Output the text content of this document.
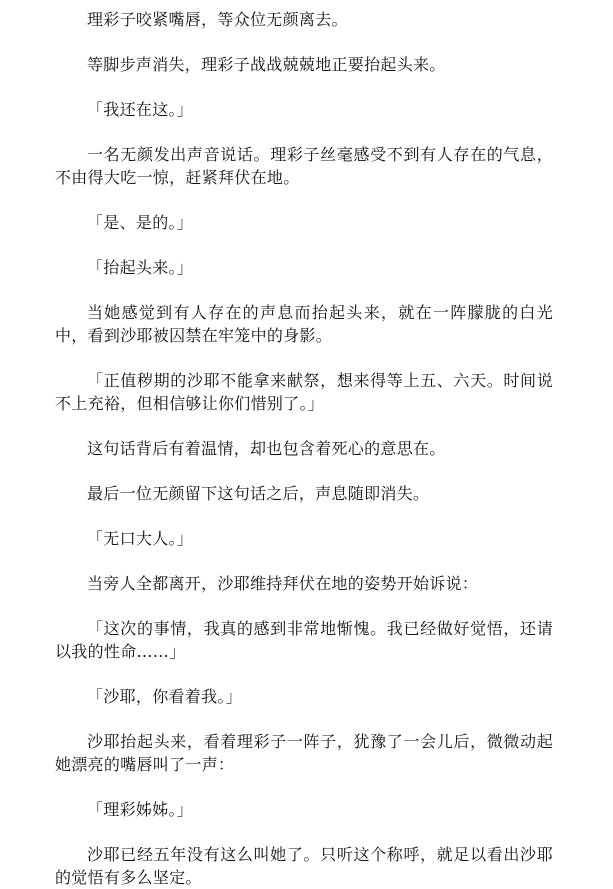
理彩子咬紧嘴唇，等众位无颜离去。

等脚步声消失，理彩子战战兢兢地正要抬起头来。

「我还在这。」

一名无颜发出声音说话。理彩子丝毫感受不到有人存在的气息，不由得大吃一惊，赶紧拜伏在地。

「是、是的。」

「抬起头来。」

当她感觉到有人存在的声息而抬起头来，就在一阵朦胧的白光中，看到沙耶被囚禁在牢笼中的身影。

「正值秽期的沙耶不能拿来献祭，想来得等上五、六天。时间说不上充裕，但相信够让你们惜别了。」

这句话背后有着温情，却也包含着死心的意思在。

最后一位无颜留下这句话之后，声息随即消失。

「无口大人。」

当旁人全都离开，沙耶维持拜伏在地的姿势开始诉说：

「这次的事情，我真的感到非常地惭愧。我已经做好觉悟，还请以我的性命……」

「沙耶，你看着我。」

沙耶抬起头来，看着理彩子一阵子，犹豫了一会儿后，微微动起她漂亮的嘴唇叫了一声：

「理彩姊姊。」

沙耶已经五年没有这么叫她了。只听这个称呼，就足以看出沙耶的觉悟有多么坚定。
